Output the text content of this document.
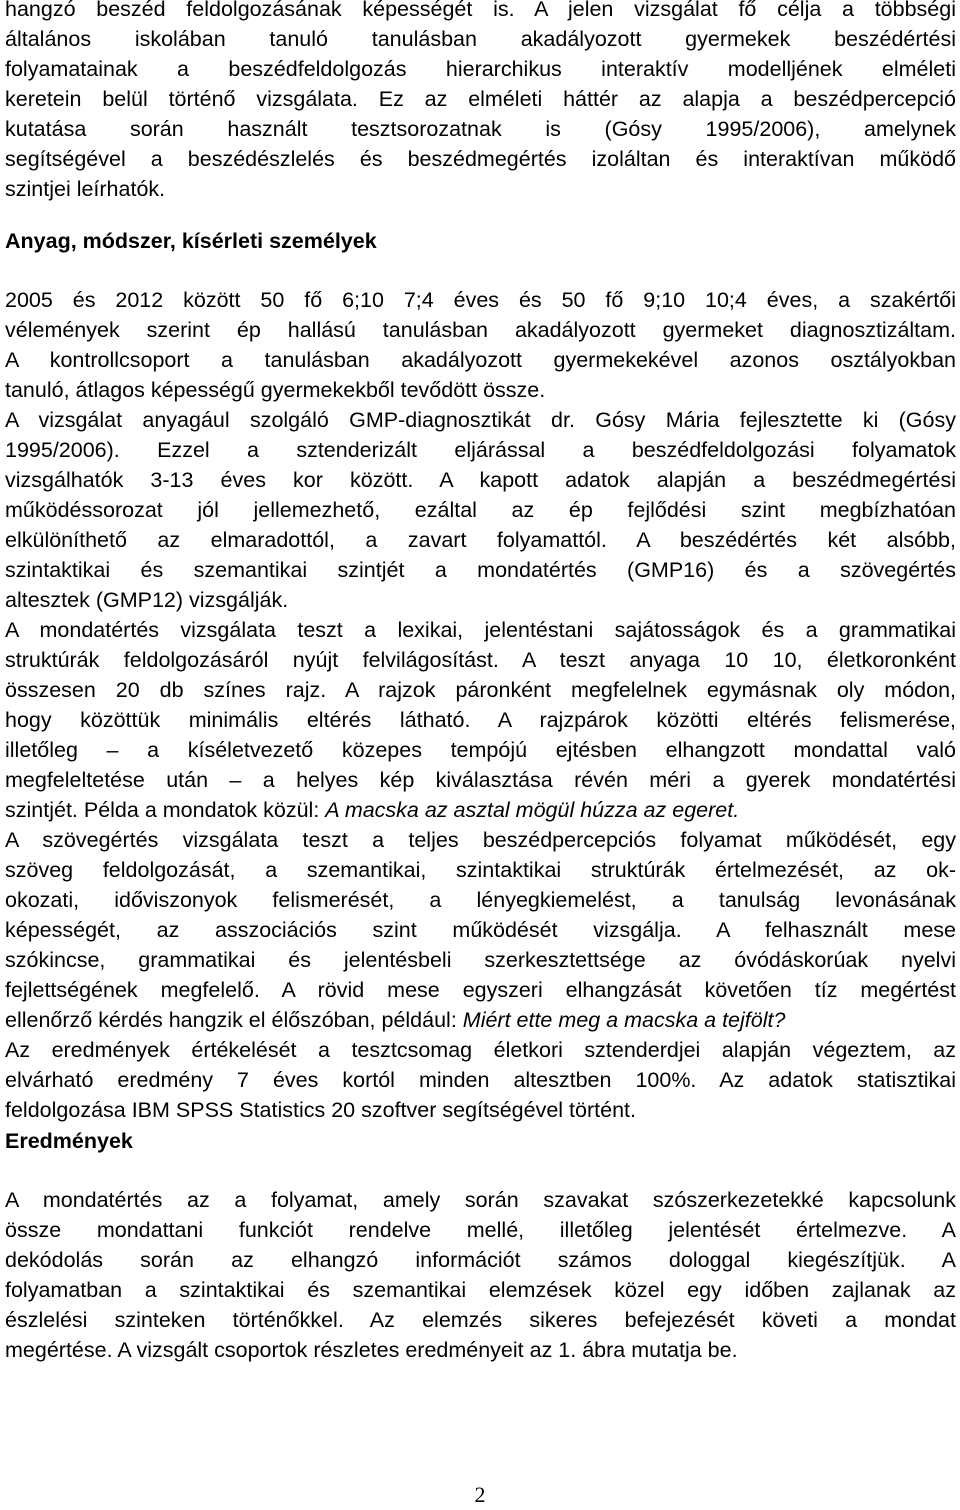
hangzó beszéd feldolgozásának képességét is. A jelen vizsgálat fő célja a többségi
általános iskolában tanuló tanulásban akadályozott gyermekek beszédértési
folyamatainak a beszédfeldolgozás hierarchikus interaktív modelljének elméleti
keretein belül történő vizsgálata. Ez az elméleti háttér az alapja a beszédpercepció
kutatása során használt tesztsorozatnak is (Gósy 1995/2006), amelynek
segítségével a beszédészlelés és beszédmegértés izoláltan és interaktívan működő
szintjei leírhatók.
Anyag, módszer, kísérleti személyek
2005 és 2012 között 50 fő 6;10 7;4 éves és 50 fő 9;10 10;4 éves, a szakértői
vélemények szerint ép hallású tanulásban akadályozott gyermeket diagnosztizáltam.
A kontrollcsoport a tanulásban akadályozott gyermekekével azonos osztályokban
tanuló, átlagos képességű gyermekekből tevődött össze.
A vizsgálat anyagául szolgáló GMP-diagnosztikát dr. Gósy Mária fejlesztette ki (Gósy
1995/2006). Ezzel a sztenderizált eljárással a beszédfeldolgozási folyamatok
vizsgálhatók 3-13 éves kor között. A kapott adatok alapján a beszédmegértési
működéssorozat jól jellemezhető, ezáltal az ép fejlődési szint megbízhatóan
elkülöníthető az elmaradottól, a zavart folyamattól. A beszédértés két alsóbb,
szintaktikai és szemantikai szintjét a mondatértés (GMP16) és a szövegértés
altesztek (GMP12) vizsgálják.
A mondatértés vizsgálata teszt a lexikai, jelentéstani sajátosságok és a grammatikai
struktúrák feldolgozásáról nyújt felvilágosítást. A teszt anyaga 10 10, életkoronként
összesen 20 db színes rajz. A rajzok páronként megfelelnek egymásnak oly módon,
hogy közöttük minimális eltérés látható. A rajzpárok közötti eltérés felismerése,
illetőleg – a kíséletvezető közepes tempójú ejtésben elhangzott mondattal való
megfeleltetése után – a helyes kép kiválasztása révén méri a gyerek mondatértési
szintjét. Példa a mondatok közül: A macska az asztal mögül húzza az egeret.
A szövegértés vizsgálata teszt a teljes beszédpercepciós folyamat működését, egy
szöveg feldolgozását, a szemantikai, szintaktikai struktúrák értelmezését, az ok-
okozati, időviszonyok felismerését, a lényegkiemelést, a tanulság levonásának
képességét, az asszociációs szint működését vizsgálja. A felhasznált mese
szókincse, grammatikai és jelentésbeli szerkesztettsége az óvódáskorúak nyelvi
fejlettségének megfelelő. A rövid mese egyszeri elhangzását követően tíz megértést
ellenőrző kérdés hangzik el élőszóban, például: Miért ette meg a macska a tejfölt?
Az eredmények értékelését a tesztcsomag életkori sztenderdjei alapján végeztem, az
elvárható eredmény 7 éves kortól minden altesztben 100%. Az adatok statisztikai
feldolgozása IBM SPSS Statistics 20 szoftver segítségével történt.
Eredmények
A mondatértés az a folyamat, amely során szavakat szószerkezetekké kapcsolunk
össze mondattani funkciót rendelve mellé, illetőleg jelentését értelmezve. A
dekódolás során az elhangzó információt számos dologgal kiegészítjük. A
folyamatban a szintaktikai és szemantikai elemzések közel egy időben zajlanak az
észlelési szinteken történőkkel. Az elemzés sikeres befejezését követi a mondat
megértése. A vizsgált csoportok részletes eredményeit az 1. ábra mutatja be.
2
